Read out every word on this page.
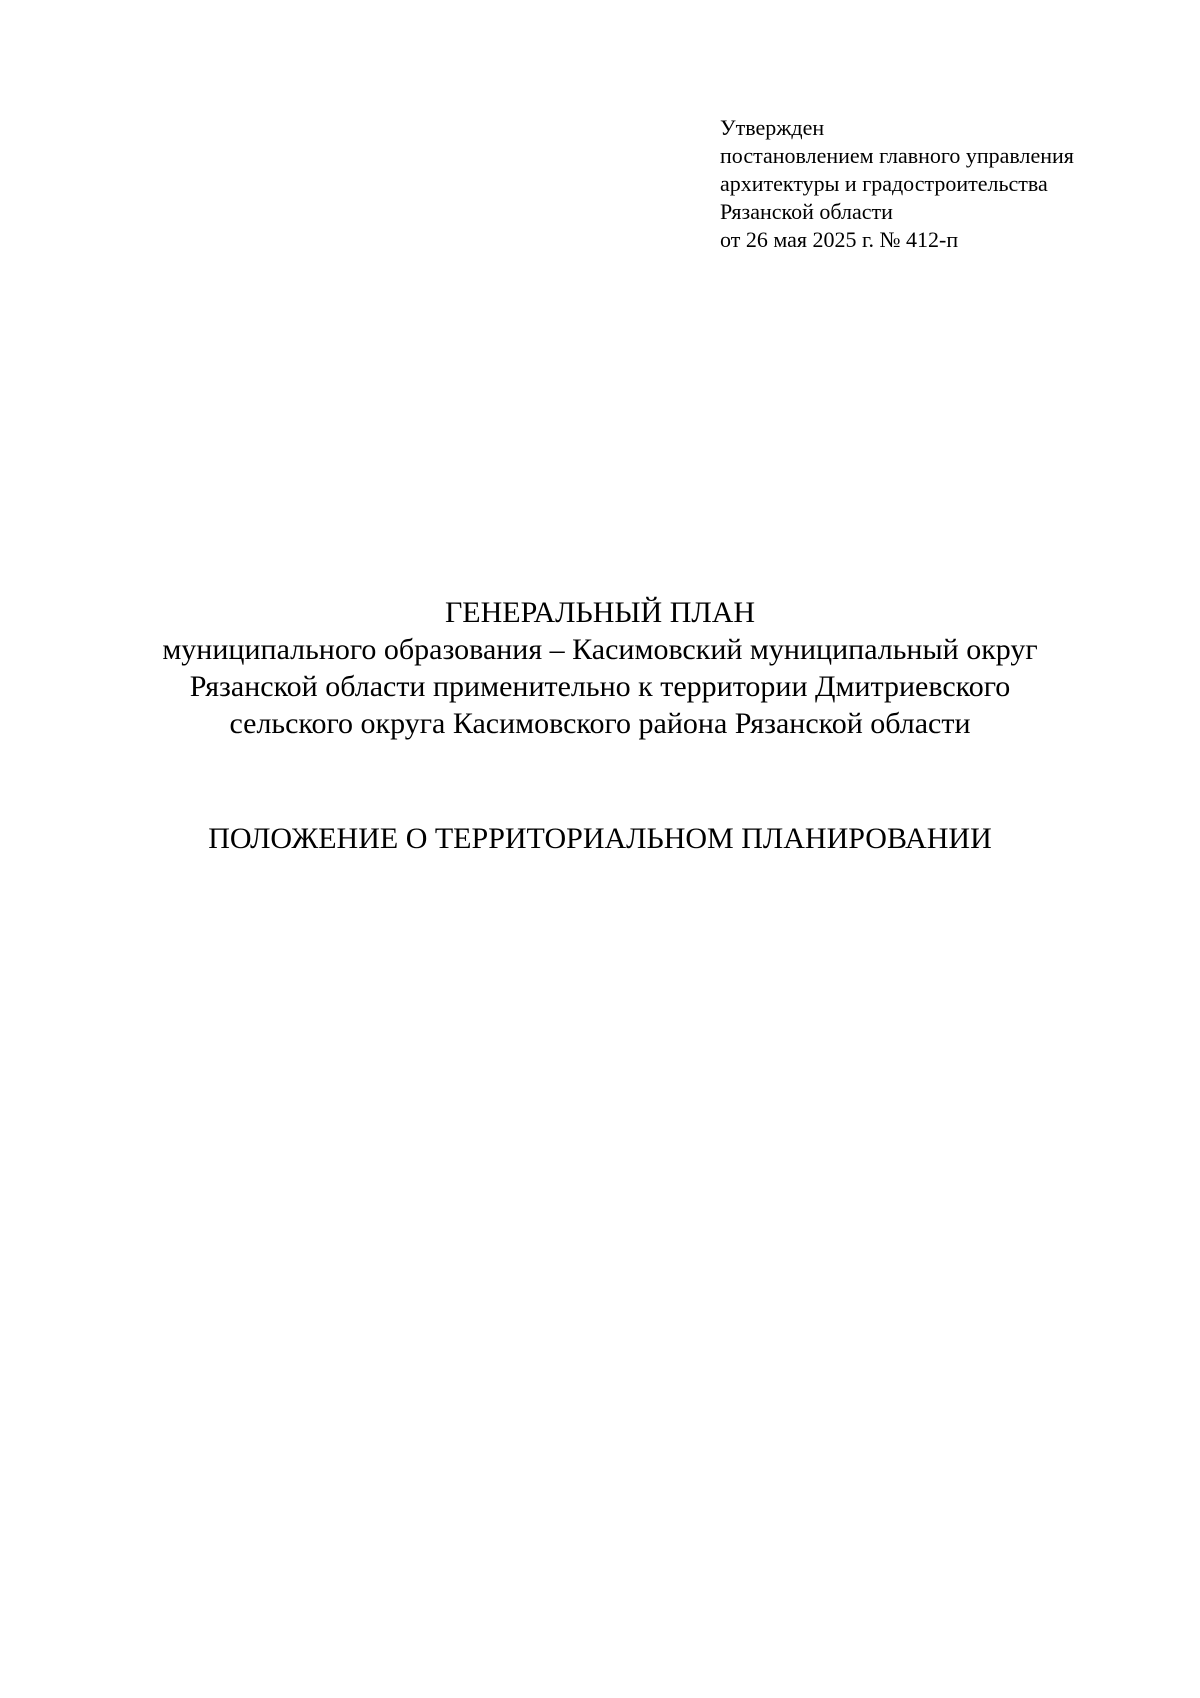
Утвержден
постановлением главного управления
архитектуры и градостроительства
Рязанской области
от 26 мая 2025 г. № 412-п
ГЕНЕРАЛЬНЫЙ ПЛАН
муниципального образования – Касимовский муниципальный округ
Рязанской области применительно к территории Дмитриевского
сельского округа Касимовского района Рязанской области
ПОЛОЖЕНИЕ О ТЕРРИТОРИАЛЬНОМ ПЛАНИРОВАНИИ
